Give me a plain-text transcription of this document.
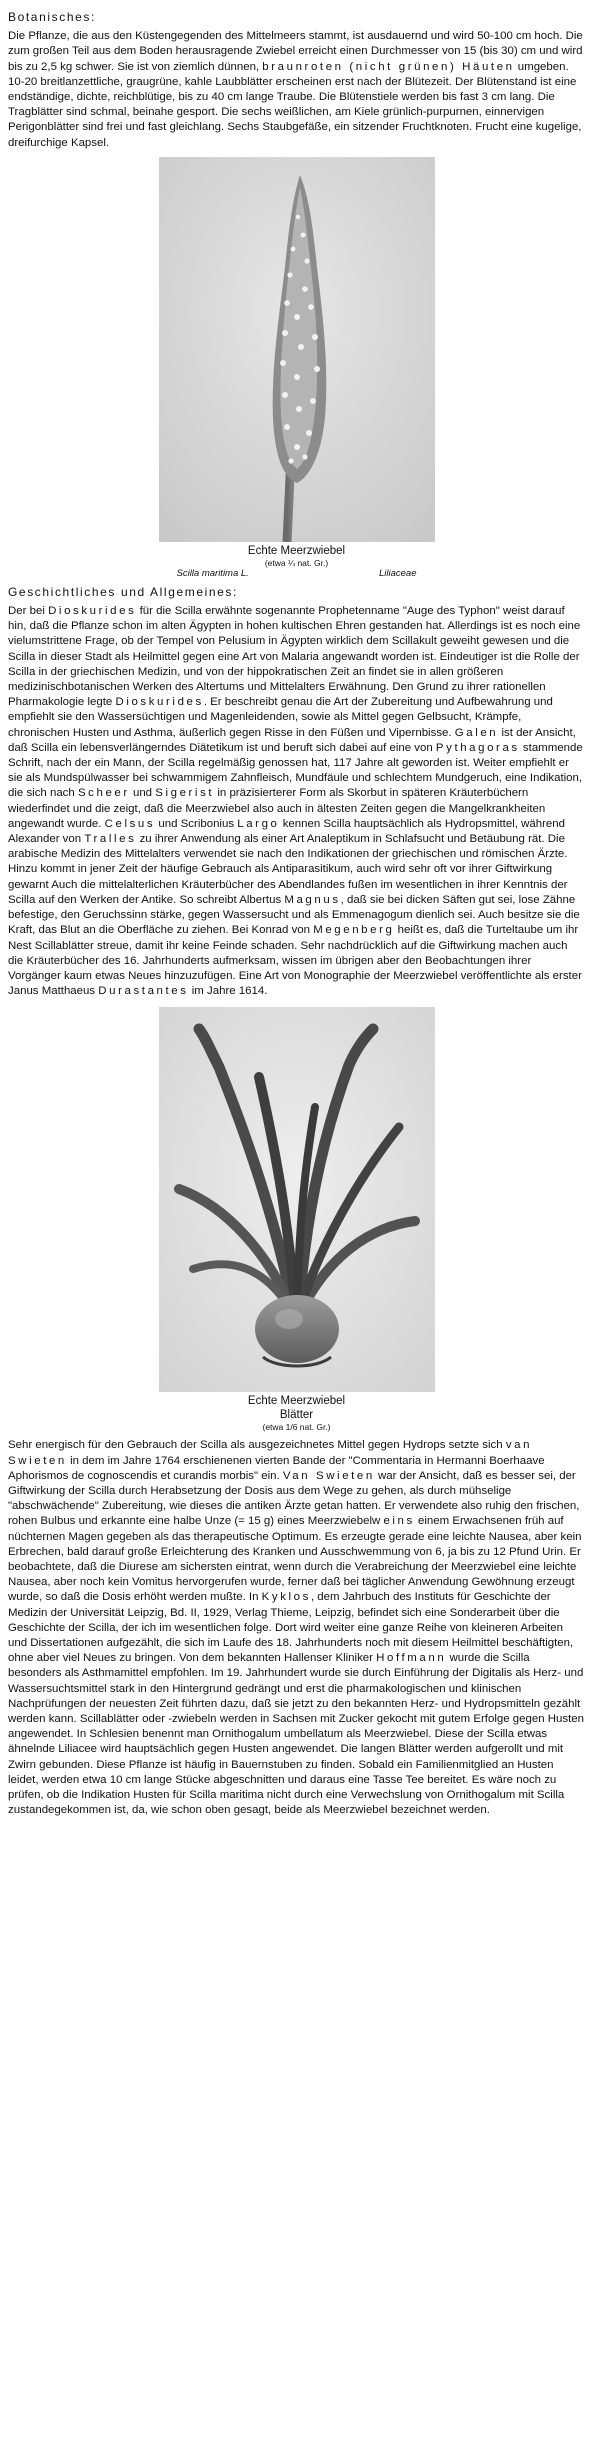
Botanisches:

Die Pflanze, die aus den Küstengegenden des Mittelmeers stammt, ist ausdauernd und wird 50-100 cm hoch. Die zum großen Teil aus dem Boden herausragende Zwiebel erreicht einen Durchmesser von 15 (bis 30) cm und wird bis zu 2,5 kg schwer. Sie ist von ziemlich dünnen, braunroten (nicht grünen) Häuten umgeben. 10-20 breitlanzettliche, graugrüne, kahle Laubblätter erscheinen erst nach der Blütezeit. Der Blütenstand ist eine endständige, dichte, reichblütige, bis zu 40 cm lange Traube. Die Blütenstiele werden bis fast 3 cm lang. Die Tragblätter sind schmal, beinahe gesport. Die sechs weißlichen, am Kiele grünlich-purpurnen, einnervigen Perigonblätter sind frei und fast gleichlang. Sechs Staubgefäße, ein sitzender Fruchtknoten. Frucht eine kugelige, dreifurchige Kapsel.

Echte Meerzwiebel
(etwa ¼ nat. Gr.)
Scilla maritima L.	Liliaceae
Geschichtliches und Allgemeines:

Der bei Dioskurides für die Scilla erwähnte sogenannte Prophetenname "Auge des Typhon" weist darauf hin, daß die Pflanze schon im alten Ägypten in hohen kultischen Ehren gestanden hat. Allerdings ist es noch eine vielumstrittene Frage, ob der Tempel von Pelusium in Ägypten wirklich dem Scillakult geweiht gewesen und die Scilla in dieser Stadt als Heilmittel gegen eine Art von Malaria angewandt worden ist. Eindeutiger ist die Rolle der Scilla in der griechischen Medizin, und von der hippokratischen Zeit an findet sie in allen größeren medizinischbotanischen Werken des Altertums und Mittelalters Erwähnung. Den Grund zu ihrer rationellen Pharmakologie legte Dioskurides. Er beschreibt genau die Art der Zubereitung und Aufbewahrung und empfiehlt sie den Wassersüchtigen und Magenleidenden, sowie als Mittel gegen Gelbsucht, Krämpfe, chronischen Husten und Asthma, äußerlich gegen Risse in den Füßen und Vipernbisse. Galen ist der Ansicht, daß Scilla ein lebensverlängerndes Diätetikum ist und beruft sich dabei auf eine von Pythagoras stammende Schrift, nach der ein Mann, der Scilla regelmäßig genossen hat, 117 Jahre alt geworden ist. Weiter empfiehlt er sie als Mundspülwasser bei schwammigem Zahnfleisch, Mundfäule und schlechtem Mundgeruch, eine Indikation, die sich nach Scheer und Sigerist in präzisierterer Form als Skorbut in späteren Kräuterbüchern wiederfindet und die zeigt, daß die Meerzwiebel also auch in ältesten Zeiten gegen die Mangelkrankheiten angewandt wurde. Celsus und Scribonius Largo kennen Scilla hauptsächlich als Hydropsmittel, während Alexander von Tralles zu ihrer Anwendung als einer Art Analeptikum in Schlafsucht und Betäubung rät. Die arabische Medizin des Mittelalters verwendet sie nach den Indikationen der griechischen und römischen Ärzte. Hinzu kommt in jener Zeit der häufige Gebrauch als Antiparasitikum, auch wird sehr oft vor ihrer Giftwirkung gewarnt Auch die mittelalterlichen Kräuterbücher des Abendlandes fußen im wesentlichen in ihrer Kenntnis der Scilla auf den Werken der Antike. So schreibt Albertus Magnus, daß sie bei dicken Säften gut sei, lose Zähne befestige, den Geruchssinn stärke, gegen Wassersucht und als Emmenagogum dienlich sei. Auch besitze sie die Kraft, das Blut an die Oberfläche zu ziehen. Bei Konrad von Megenberg heißt es, daß die Turteltaube um ihr Nest Scillablätter streue, damit ihr keine Feinde schaden. Sehr nachdrücklich auf die Giftwirkung machen auch die Kräuterbücher des 16. Jahrhunderts aufmerksam, wissen im übrigen aber den Beobachtungen ihrer Vorgänger kaum etwas Neues hinzuzufügen. Eine Art von Monographie der Meerzwiebel veröffentlichte als erster Janus Matthaeus Durastantes im Jahre 1614.

Echte Meerzwiebel
Blätter
(etwa 1/6 nat. Gr.)

Sehr energisch für den Gebrauch der Scilla als ausgezeichnetes Mittel gegen Hydrops setzte sich van Swieten in dem im Jahre 1764 erschienenen vierten Bande der "Commentaria in Hermanni Boerhaave Aphorismos de cognoscendis et curandis morbis" ein. Van Swieten war der Ansicht, daß es besser sei, der Giftwirkung der Scilla durch Herabsetzung der Dosis aus dem Wege zu gehen, als durch mühselige "abschwächende" Zubereitung, wie dieses die antiken Ärzte getan hatten. Er verwendete also ruhig den frischen, rohen Bulbus und erkannte eine halbe Unze (= 15 g) eines Meerzwiebelw eins einem Erwachsenen früh auf nüchternen Magen gegeben als das therapeutische Optimum. Es erzeugte gerade eine leichte Nausea, aber kein Erbrechen, bald darauf große Erleichterung des Kranken und Ausschwemmung von 6, ja bis zu 12 Pfund Urin. Er beobachtete, daß die Diurese am sichersten eintrat, wenn durch die Verabreichung der Meerzwiebel eine leichte Nausea, aber noch kein Vomitus hervorgerufen wurde, ferner daß bei täglicher Anwendung Gewöhnung erzeugt wurde, so daß die Dosis erhöht werden mußte. In Kyklos, dem Jahrbuch des Instituts für Geschichte der Medizin der Universität Leipzig, Bd. II, 1929, Verlag Thieme, Leipzig, befindet sich eine Sonderarbeit über die Geschichte der Scilla, der ich im wesentlichen folge. Dort wird weiter eine ganze Reihe von kleineren Arbeiten und Dissertationen aufgezählt, die sich im Laufe des 18. Jahrhunderts noch mit diesem Heilmittel beschäftigten, ohne aber viel Neues zu bringen. Von dem bekannten Hallenser Kliniker Hoffmann wurde die Scilla besonders als Asthmamittel empfohlen. Im 19. Jahrhundert wurde sie durch Einführung der Digitalis als Herz- und Wassersuchtsmittel stark in den Hintergrund gedrängt und erst die pharmakologischen und klinischen Nachprüfungen der neuesten Zeit führten dazu, daß sie jetzt zu den bekannten Herz- und Hydropsmitteln gezählt werden kann. Scillablätter oder -zwiebeln werden in Sachsen mit Zucker gekocht mit gutem Erfolge gegen Husten angewendet. In Schlesien benennt man Ornithogalum umbellatum als Meerzwiebel. Diese der Scilla etwas ähnelnde Liliacee wird hauptsächlich gegen Husten angewendet. Die langen Blätter werden aufgerollt und mit Zwirn gebunden. Diese Pflanze ist häufig in Bauernstuben zu finden. Sobald ein Familienmitglied an Husten leidet, werden etwa 10 cm lange Stücke abgeschnitten und daraus eine Tasse Tee bereitet. Es wäre noch zu prüfen, ob die Indikation Husten für Scilla maritima nicht durch eine Verwechslung von Ornithogalum mit Scilla zustandegekommen ist, da, wie schon oben gesagt, beide als Meerzwiebel bezeichnet werden.
